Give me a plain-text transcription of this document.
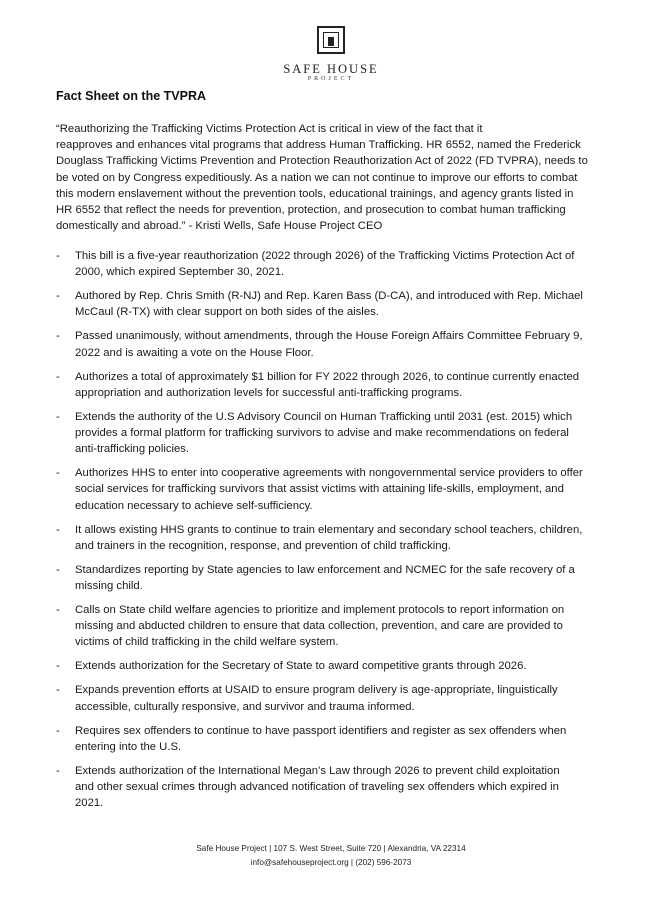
SAFE HOUSE
PROJECT
Fact Sheet on the TVPRA
“Reauthorizing the Trafficking Victims Protection Act is critical in view of the fact that it
reapproves and enhances vital programs that address Human Trafficking. HR 6552, named the Frederick
Douglass Trafficking Victims Prevention and Protection Reauthorization Act of 2022 (FD TVPRA), needs to
be voted on by Congress expeditiously. As a nation we can not continue to improve our efforts to combat
this modern enslavement without the prevention tools, educational trainings, and agency grants listed in
HR 6552 that reflect the needs for prevention, protection, and prosecution to combat human trafficking
domestically and abroad.” - Kristi Wells, Safe House Project CEO
- This bill is a five-year reauthorization (2022 through 2026) of the Trafficking Victims Protection Act of
2000, which expired September 30, 2021.
- Authored by Rep. Chris Smith (R-NJ) and Rep. Karen Bass (D-CA), and introduced with Rep. Michael
McCaul (R-TX) with clear support on both sides of the aisles.
- Passed unanimously, without amendments, through the House Foreign Affairs Committee February 9,
2022 and is awaiting a vote on the House Floor.
- Authorizes a total of approximately $1 billion for FY 2022 through 2026, to continue currently enacted
appropriation and authorization levels for successful anti-trafficking programs.
- Extends the authority of the U.S Advisory Council on Human Trafficking until 2031 (est. 2015) which
provides a formal platform for trafficking survivors to advise and make recommendations on federal
anti-trafficking policies.
- Authorizes HHS to enter into cooperative agreements with nongovernmental service providers to offer
social services for trafficking survivors that assist victims with attaining life-skills, employment, and
education necessary to achieve self-sufficiency.
- It allows existing HHS grants to continue to train elementary and secondary school teachers, children,
and trainers in the recognition, response, and prevention of child trafficking.
- Standardizes reporting by State agencies to law enforcement and NCMEC for the safe recovery of a
missing child.
- Calls on State child welfare agencies to prioritize and implement protocols to report information on
missing and abducted children to ensure that data collection, prevention, and care are provided to
victims of child trafficking in the child welfare system.
- Extends authorization for the Secretary of State to award competitive grants through 2026.
- Expands prevention efforts at USAID to ensure program delivery is age-appropriate, linguistically
accessible, culturally responsive, and survivor and trauma informed.
- Requires sex offenders to continue to have passport identifiers and register as sex offenders when
entering into the U.S.
- Extends authorization of the International Megan’s Law through 2026 to prevent child exploitation
and other sexual crimes through advanced notification of traveling sex offenders which expired in
2021.
Safe House Project | 107 S. West Street, Suite 720 | Alexandria, VA 22314
info@safehouseproject.org | (202) 596-2073
